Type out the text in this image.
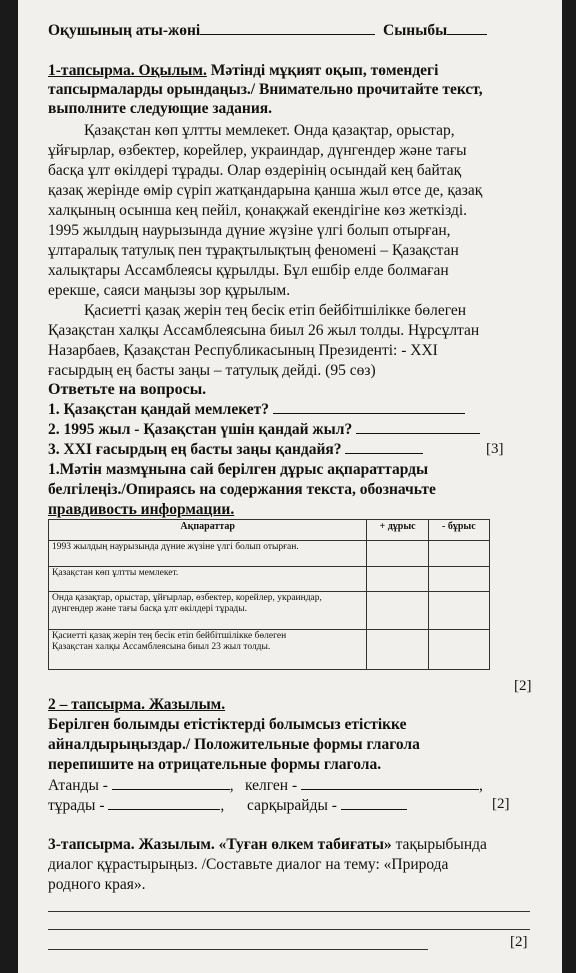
Оқушының аты-жөні	Сыныбы
1-тапсырма. Оқылым. Мәтінді мұқият оқып, төмендегі
тапсырмаларды орындаңыз./ Внимательно прочитайте текст,
выполните следующие задания.
Қазақстан көп ұлтты мемлекет. Онда қазақтар, орыстар,
ұйғырлар, өзбектер, корейлер, украиндар, дүнгендер және тағы
басқа ұлт өкілдері тұрады. Олар өздерінің осындай кең байтақ
қазақ жерінде өмір сүріп жатқандарына қанша жыл өтсе де, қазақ
халқының осынша кең пейіл, қонақжай екендігіне көз жеткізді.
1995 жылдың наурызында дүние жүзіне үлгі болып отырған,
ұлтаралық татулық пен тұрақтылықтың феномені – Қазақстан
халықтары Ассамблеясы құрылды. Бұл ешбір елде болмаған
ерекше, саяси маңызы зор құрылым.
Қасиетті қазақ жерін тең бесік етіп бейбітшілікке бөлеген
Қазақстан халқы Ассамблеясына биыл 26 жыл толды. Нұрсұлтан
Назарбаев, Қазақстан Республикасының Президенті: - XXI
ғасырдың ең басты заңы – татулық дейді. (95 сөз)
Ответьте на вопросы.
1. Қазақстан қандай мемлекет?
2. 1995 жыл - Қазақстан үшін қандай жыл?
3. XXI ғасырдың ең басты заңы қандайя?	[3]
1.Мәтін мазмұнына сай берілген дұрыс ақпараттарды
белгілеңіз./Опираясь на содержания текста, обозначьте
правдивость информации.
Ақпараттар	+ дұрыс	- бұрыс
1993 жылдың наурызында дүние жүзіне үлгі болып отырған.		
Қазақстан көп ұлтты мемлекет.		
Онда қазақтар, орыстар, ұйғырлар, өзбектер, корейлер, украиндар, дүнгендер және тағы басқа ұлт өкілдері тұрады.		

Қасиетті қазақ жерін тең бесік етіп бейбітшілікке бөлеген
Қазақстан халқы Ассамблеясына биыл 23 жыл толды.		

[2]
2 – тапсырма. Жазылым.
Берілген болымды етістіктерді болымсыз етістікке
айналдырыңыздар./ Положительные формы глагола
перепишите на отрицательные формы глагола.
Атанды -	, келген -	,
тұрады -	, сарқырайды -	[2]
3-тапсырма. Жазылым. «Туған өлкем табиғаты» тақырыбында
диалог құрастырыңыз. /Составьте диалог на тему: «Природа
родного края».
[2]
